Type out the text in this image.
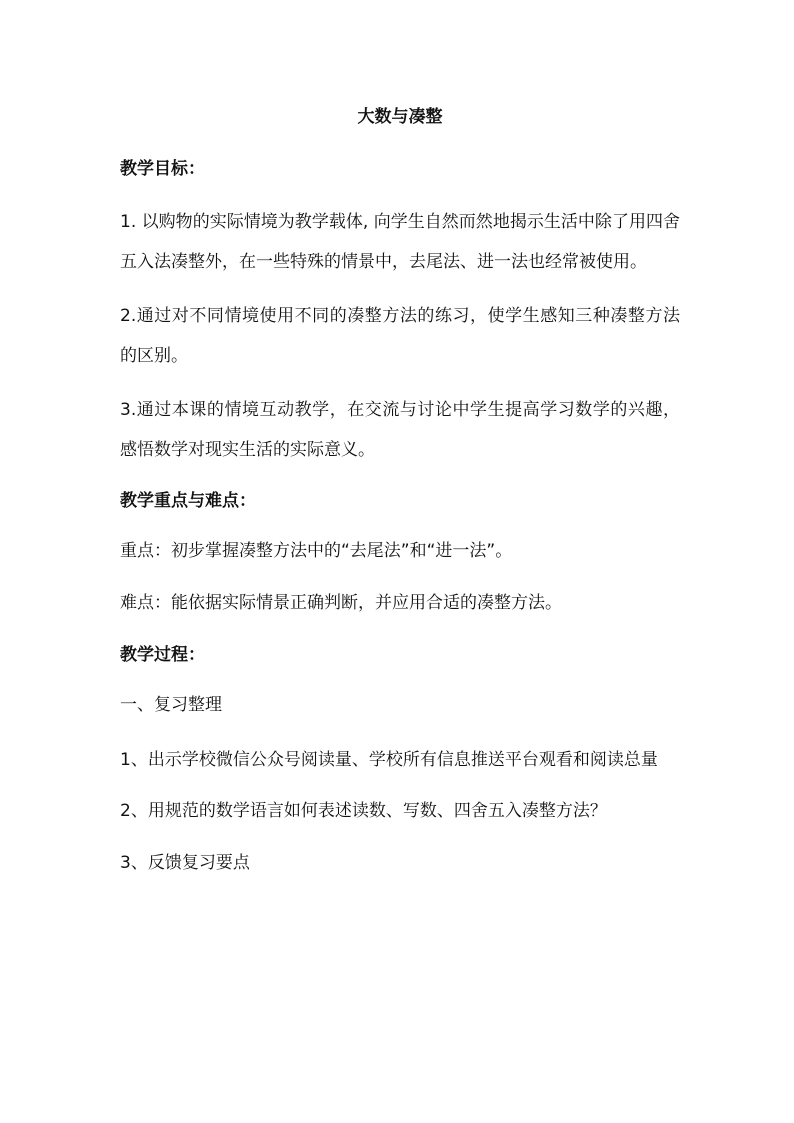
大数与凑整
教学目标：
1. 以购物的实际情境为教学载体, 向学生自然而然地揭示生活中除了用四舍五入法凑整外，在一些特殊的情景中，去尾法、进一法也经常被使用。
2.通过对不同情境使用不同的凑整方法的练习，使学生感知三种凑整方法的区别。
3.通过本课的情境互动教学，在交流与讨论中学生提高学习数学的兴趣，感悟数学对现实生活的实际意义。
教学重点与难点：
重点：初步掌握凑整方法中的“去尾法”和“进一法”。
难点：能依据实际情景正确判断，并应用合适的凑整方法。
教学过程：
一、复习整理
1、出示学校微信公众号阅读量、学校所有信息推送平台观看和阅读总量
2、用规范的数学语言如何表述读数、写数、四舍五入凑整方法？
3、反馈复习要点
